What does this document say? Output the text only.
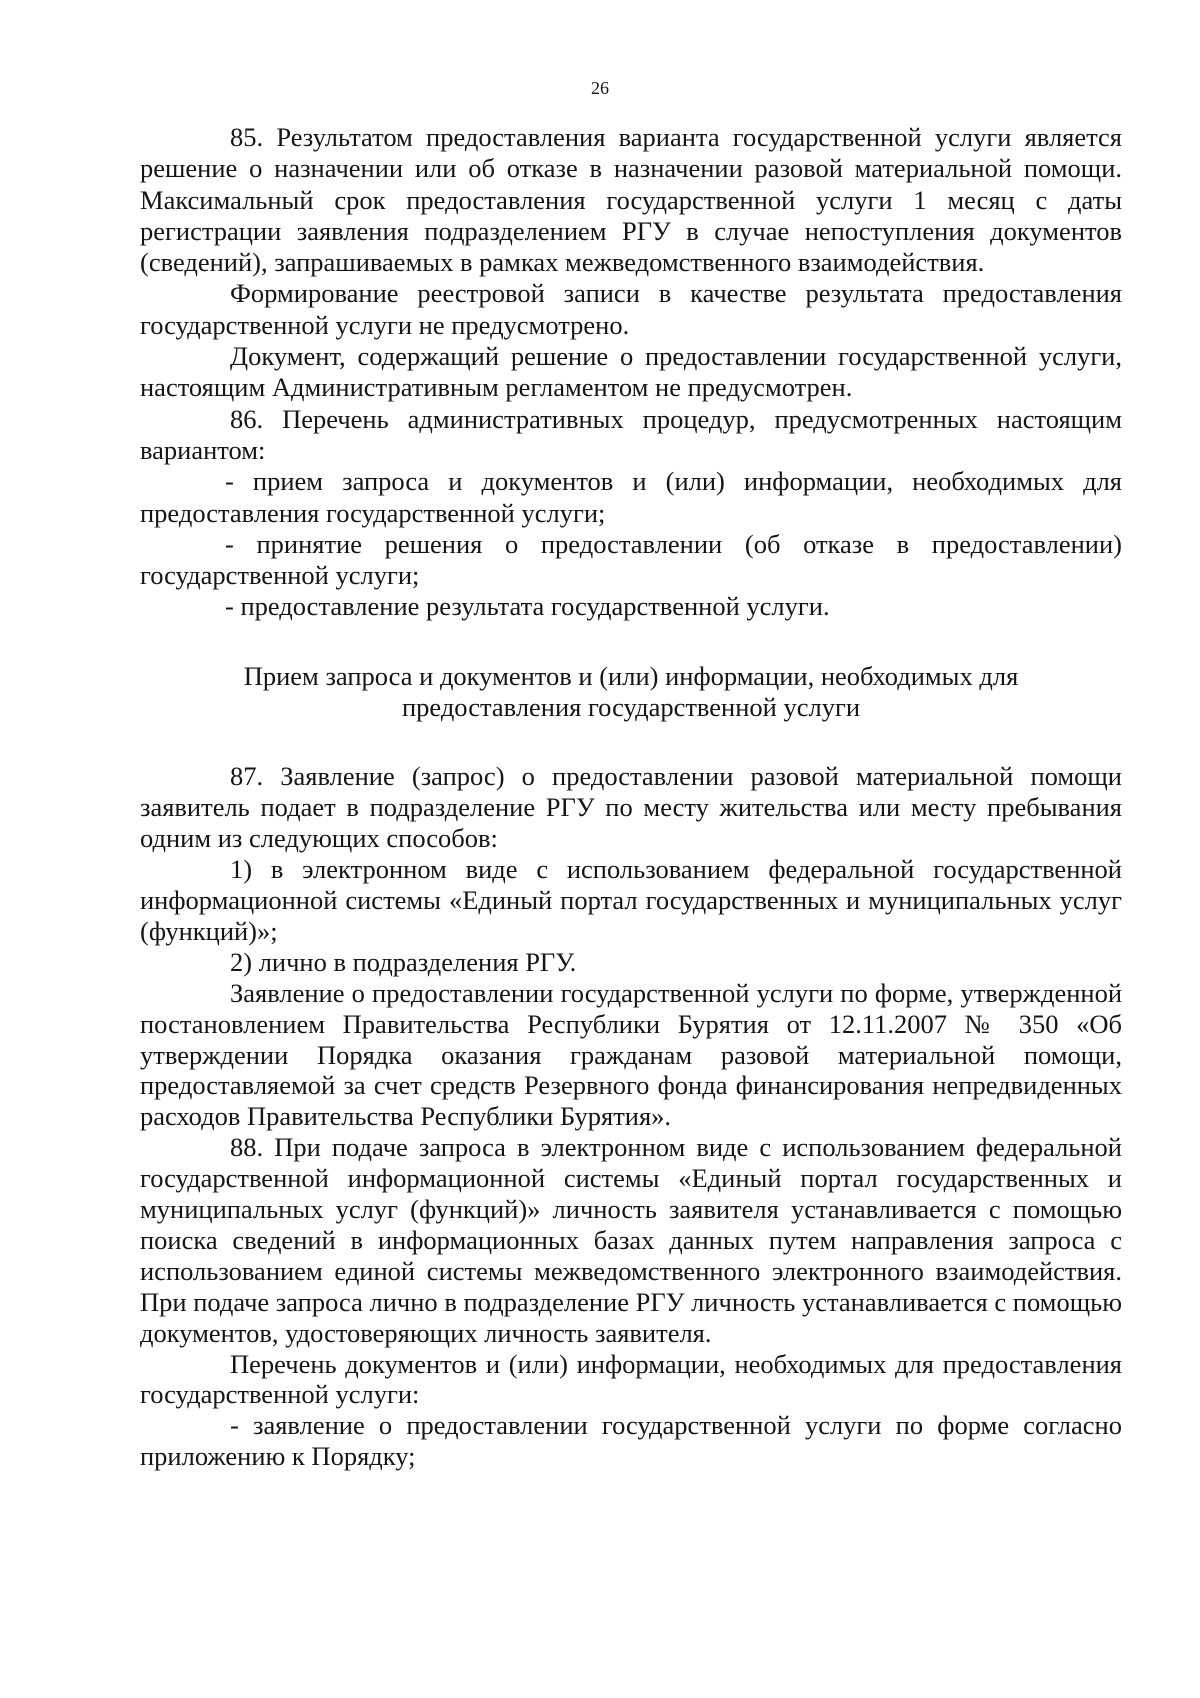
26

85. Результатом предоставления варианта государственной услуги является решение о назначении или об отказе в назначении разовой материальной помощи. Максимальный срок предоставления государственной услуги 1 месяц с даты регистрации заявления подразделением РГУ в случае непоступления документов (сведений), запрашиваемых в рамках межведомственного взаимодействия.

Формирование реестровой записи в качестве результата предоставления государственной услуги не предусмотрено.

Документ, содержащий решение о предоставлении государственной услуги, настоящим Административным регламентом не предусмотрен.

86. Перечень административных процедур, предусмотренных настоящим вариантом:

- прием запроса и документов и (или) информации, необходимых для предоставления государственной услуги;

- принятие решения о предоставлении (об отказе в предоставлении) государственной услуги;

- предоставление результата государственной услуги.

Прием запроса и документов и (или) информации, необходимых для
предоставления государственной услуги

87. Заявление (запрос) о предоставлении разовой материальной помощи заявитель подает в подразделение РГУ по месту жительства или месту пребывания одним из следующих способов:

1) в электронном виде с использованием федеральной государственной информационной системы «Единый портал государственных и муниципальных услуг (функций)»;

2) лично в подразделения РГУ.

Заявление о предоставлении государственной услуги по форме, утвержденной постановлением Правительства Республики Бурятия от 12.11.2007 № 350 «Об утверждении Порядка оказания гражданам разовой материальной помощи, предоставляемой за счет средств Резервного фонда финансирования непредвиденных расходов Правительства Республики Бурятия».

88. При подаче запроса в электронном виде с использованием федеральной государственной информационной системы «Единый портал государственных и муниципальных услуг (функций)» личность заявителя устанавливается с помощью поиска сведений в информационных базах данных путем направления запроса с использованием единой системы межведомственного электронного взаимодействия. При подаче запроса лично в подразделение РГУ личность устанавливается с помощью документов, удостоверяющих личность заявителя.

Перечень документов и (или) информации, необходимых для предоставления государственной услуги:

- заявление о предоставлении государственной услуги по форме согласно приложению к Порядку;
